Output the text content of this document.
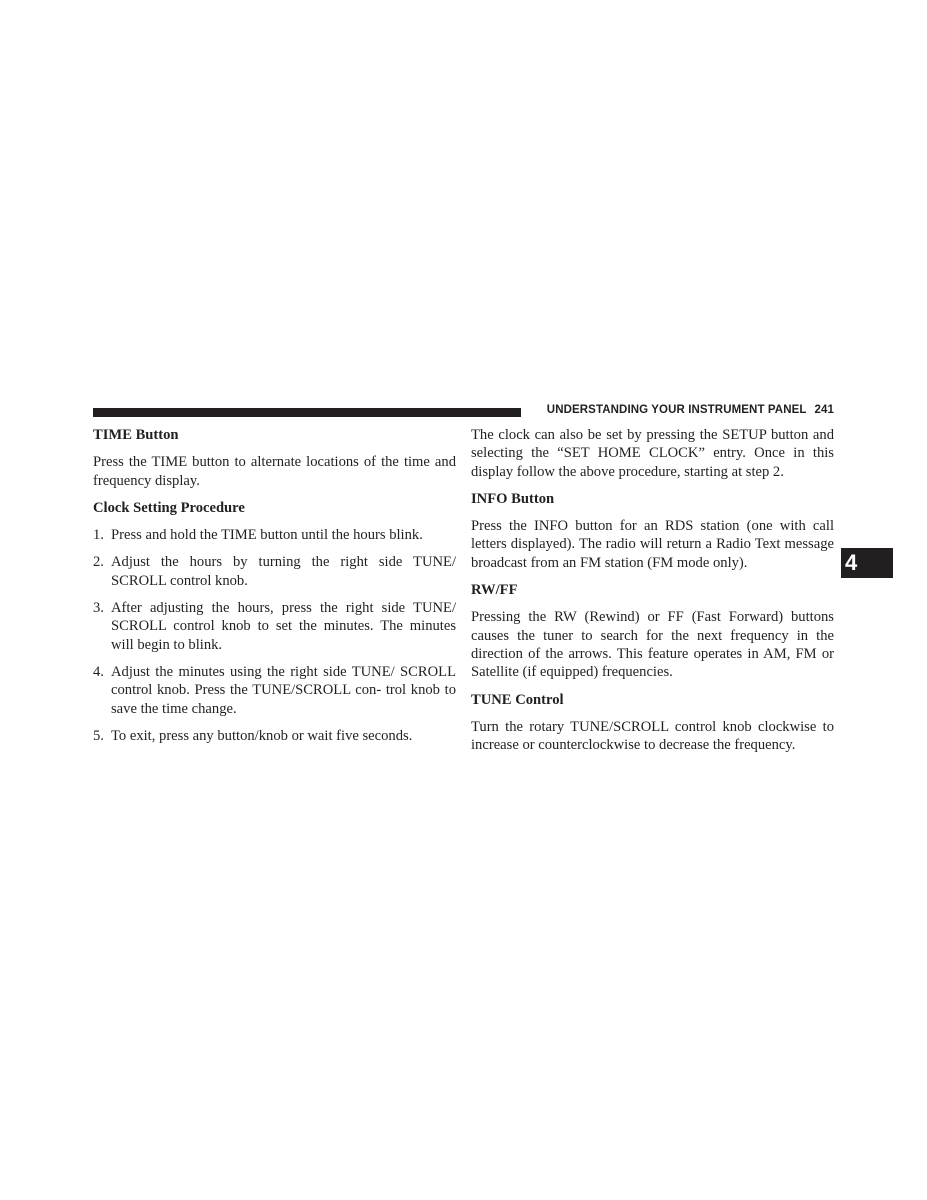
UNDERSTANDING YOUR INSTRUMENT PANEL 241
4
TIME Button

Press the TIME button to alternate locations of the time and frequency display.

Clock Setting Procedure
1. Press and hold the TIME button until the hours blink.
2. Adjust the hours by turning the right side TUNE/ SCROLL control knob.
3. After adjusting the hours, press the right side TUNE/ SCROLL control knob to set the minutes. The minutes will begin to blink.
4. Adjust the minutes using the right side TUNE/ SCROLL control knob. Press the TUNE/SCROLL con- trol knob to save the time change.
5. To exit, press any button/knob or wait five seconds.

The clock can also be set by pressing the SETUP button and selecting the “SET HOME CLOCK” entry. Once in this display follow the above procedure, starting at step 2.

INFO Button

Press the INFO button for an RDS station (one with call letters displayed). The radio will return a Radio Text message broadcast from an FM station (FM mode only).

RW/FF

Pressing the RW (Rewind) or FF (Fast Forward) buttons causes the tuner to search for the next frequency in the direction of the arrows. This feature operates in AM, FM or Satellite (if equipped) frequencies.

TUNE Control

Turn the rotary TUNE/SCROLL control knob clockwise to increase or counterclockwise to decrease the frequency.
